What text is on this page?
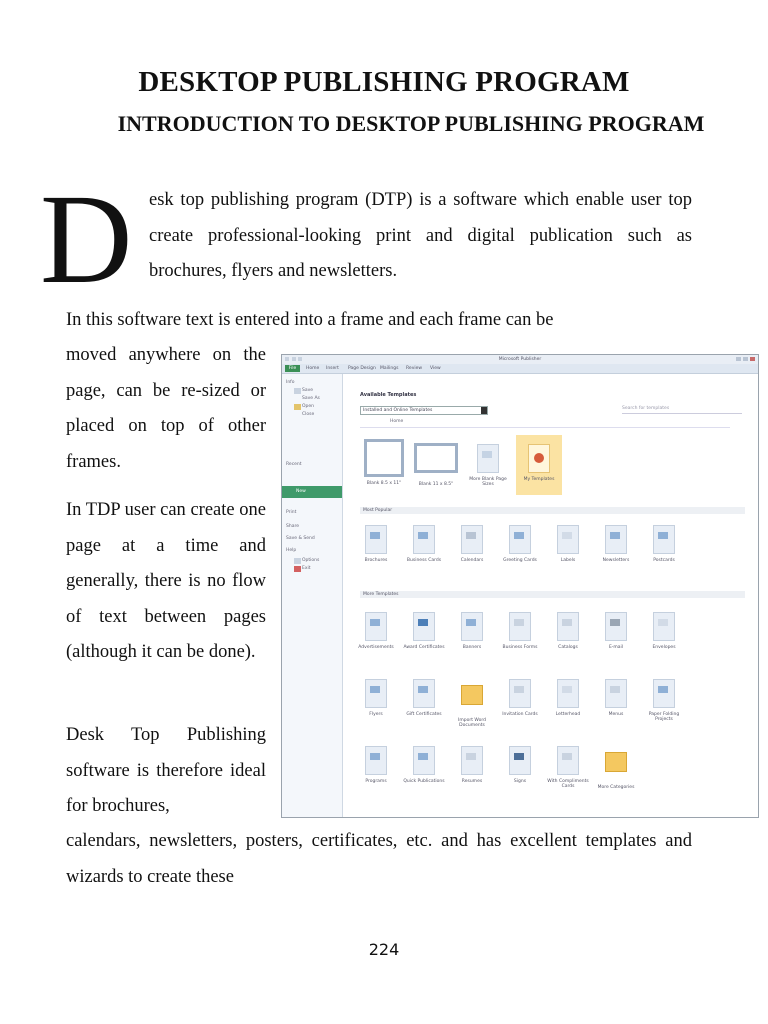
DESKTOP PUBLISHING PROGRAM
INTRODUCTION TO DESKTOP PUBLISHING PROGRAM
D esk top publishing program (DTP) is a software which enable user top create professional-looking print and digital publication such as brochures, flyers and newsletters.
In this software text is entered into a frame and each frame can be
moved anywhere on the page, can be re-sized or placed on top of other frames.
In TDP user can create one page at a time and generally, there is no flow of text between pages (although it can be done).
Desk Top Publishing software is therefore ideal for brochures,
calendars, newsletters, posters, certificates, etc. and has excellent templates and wizards to create these
224
Microsoft Publisher
File	Home Insert Page Design Mailings Review View
Info
Save
Save As
Open
Close
Recent
New
Print
Share
Save & Send
Help
Options
Exit
Available Templates
Installed and Online Templates	Search for templates
Home
Blank 8.5 x 11"	Blank 11 x 8.5"
More Blank Page Sizes
My Templates
Most Popular
Brochures	Business Cards	Calendars	Greeting Cards	Labels	Newsletters	Postcards
More Templates
Advertisements	Award Certificates	Banners	Business Forms	Catalogs	E-mail	Envelopes
Flyers	Gift Certificates
Import Word Documents
Invitation Cards	Letterhead	Menus	Paper Folding Projects
Programs	Quick Publications	Resumes	Signs	With Compliments Cards	More Categories
